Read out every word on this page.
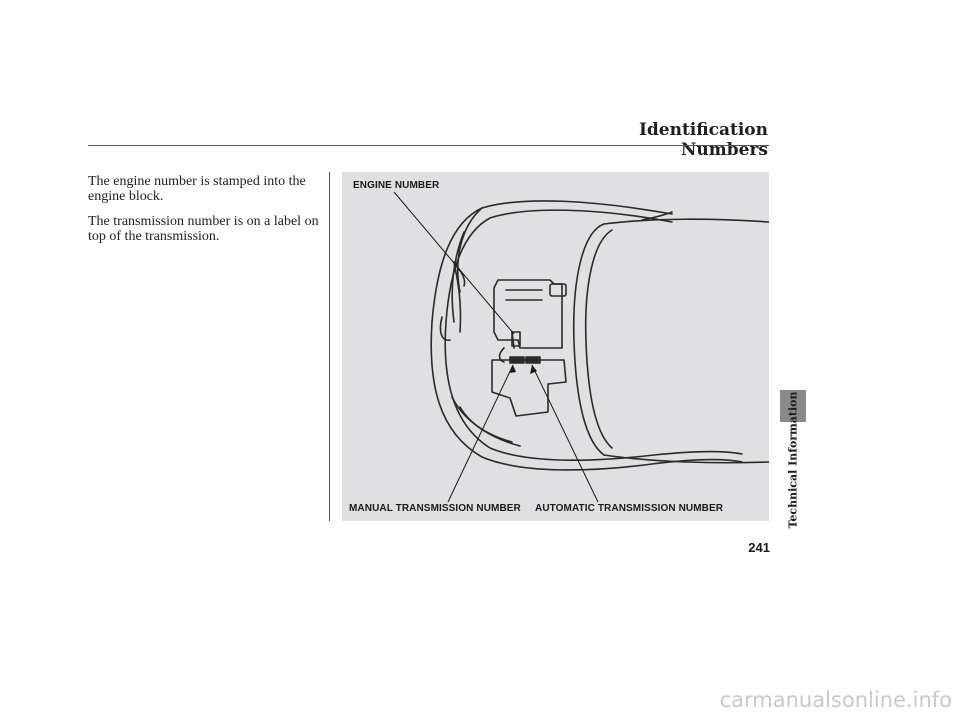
Identification Numbers

The engine number is stamped into the engine block.

The transmission number is on a label on top of the transmission.

ENGINE NUMBER
MANUAL TRANSMISSION NUMBER AUTOMATIC TRANSMISSION NUMBER	Technical Information
241
carmanualsonline.info
